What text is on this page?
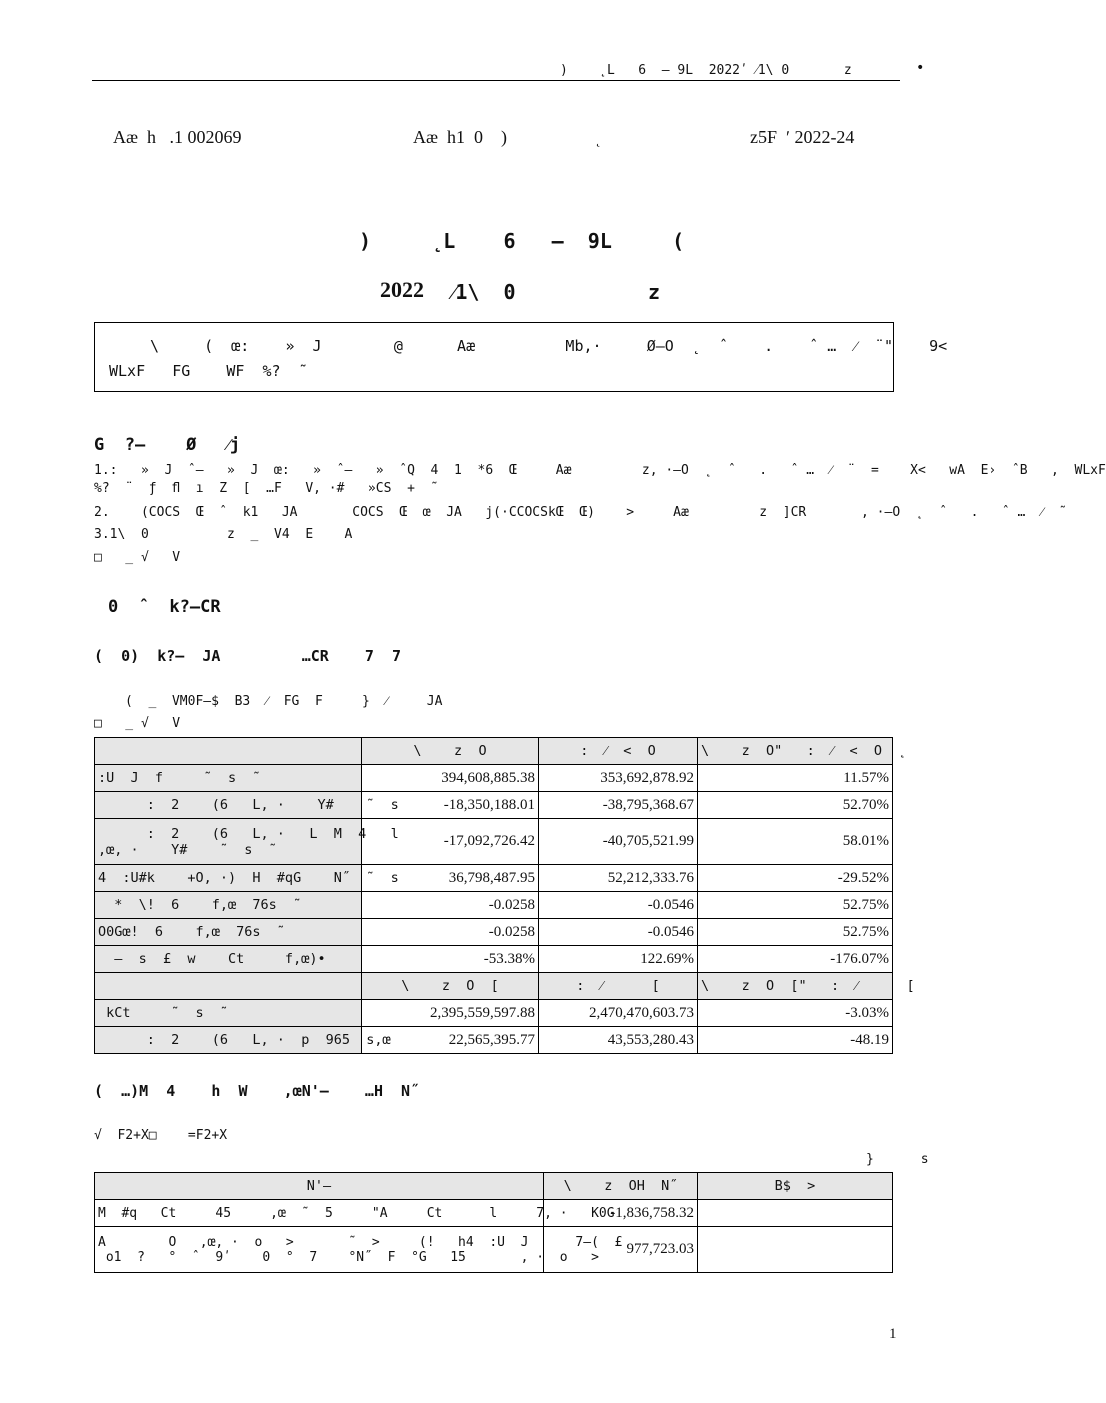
)    ˛L   6  – 9L  2022ʹ ⁄1\ 0       z	•
Aæ  h   .1 002069	Aæ  h1  0    )	˛	z5F  ʹ 2022-24
)     ˛L    6   –  9L     (
2022 ⁄1\  0           z
\     (  œ:    »  J        @      Aæ          Mb,·     Ø–O  ˛  ˆ    .    ˆ …  ⁄  ¨"    9<
WLxF   FG    WF  %?  ˜
G  ?–    Ø   ⁄j
1.:   »  J  ˆ–   »  J  œ:   »  ˆ–   »  ˆQ  4  1  *6  Œ     Aæ         z, ·–O  ˛  ˆ   .   ˆ …  ⁄  ¨  =    X<   wA  E›  ˆB   ,  WLxF
%?  ¨  ƒ  ﬂ  ı  Z  [  …F   V, ·#   »CS  +  ˜
2.    (COCS  Œ  ˆ  k1   JA       COCS  Œ  œ  JA   j(·CCOCSkŒ  Œ)    >     Aæ         z  ]CR       , ·–O  ˛  ˆ   .   ˆ …  ⁄  ˜
3.1\  0          z  _  V4  E    A
□   _ √   V
0  ˆ  k?–CR
(  0)  k?–  JA         …CR    7  7
(  _  VM0F–$  B3  ⁄  FG  F     }  ⁄     JA
□   _ √   V
	\    z  O	:  ⁄  <  O	\    z  O"   :  ⁄  <  O  ˛
:U  J  f     ˜  s  ˜	394,608,885.38	353,692,878.92	11.57%
:  2    (6   L, ·    Y#    ˜  s	-18,350,188.01	-38,795,368.67	52.70%
:  2    (6   L, ·   L  M  4   l
,œ, ·    Y#    ˜  s  ˜	-17,092,726.42	-40,705,521.99	58.01%
4  :U#k    +O, ·)  H  #qG    N˝  ˜  s	36,798,487.95	52,212,333.76	-29.52%
*  \!  6    f,œ  76s  ˜	-0.0258	-0.0546	52.75%
O0Gœ!  6    f,œ  76s  ˜	-0.0258	-0.0546	52.75%
–  s  £  w    Ct     f,œ)•	-53.38%	122.69%	-176.07%
	\    z  O  [	:  ⁄      [	\    z  O  ["   :  ⁄      [
kCt     ˜  s  ˜	2,395,559,597.88	2,470,470,603.73	-3.03%
:  2    (6   L, ·  p  965  s,œ	22,565,395.77	43,553,280.43	-48.19
(  …)M  4    h  W    ,œN'–    …H  N˝
√  F2+X□    =F2+X
}      s
N'–	\    z  OH  N˝	B$  >
M  #q   Ct     45     ,œ  ˜  5     "A     Ct      l     7, ·   K0G	-1,836,758.32	
A        O   ,œ, ·  o   >       ˜  >     (!   h4  :U  J      7–(  £
o1  ?   °  ˆ  9ʹ    0  °  7    °N˝  F  °G   15       , ·  o   >	977,723.03	
1
